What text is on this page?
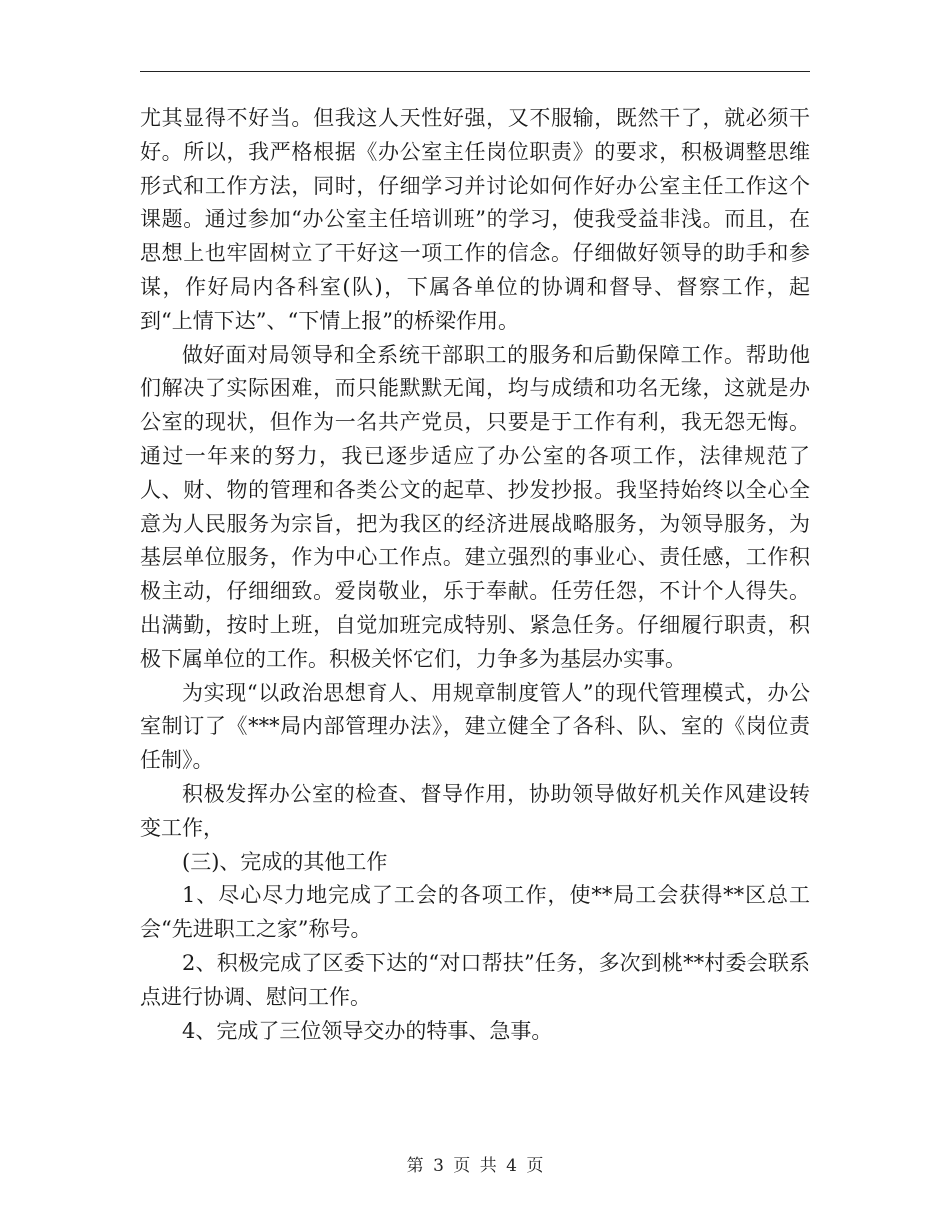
尤其显得不好当。但我这人天性好强，又不服输，既然干了，就必须干好。所以，我严格根据《办公室主任岗位职责》的要求，积极调整思维形式和工作方法，同时，仔细学习并讨论如何作好办公室主任工作这个课题。通过参加“办公室主任培训班”的学习，使我受益非浅。而且，在思想上也牢固树立了干好这一项工作的信念。仔细做好领导的助手和参谋，作好局内各科室(队)，下属各单位的协调和督导、督察工作，起到“上情下达”、“下情上报”的桥梁作用。

做好面对局领导和全系统干部职工的服务和后勤保障工作。帮助他们解决了实际困难，而只能默默无闻，均与成绩和功名无缘，这就是办公室的现状，但作为一名共产党员，只要是于工作有利，我无怨无悔。通过一年来的努力，我已逐步适应了办公室的各项工作，法律规范了人、财、物的管理和各类公文的起草、抄发抄报。我坚持始终以全心全意为人民服务为宗旨，把为我区的经济进展战略服务，为领导服务，为基层单位服务，作为中心工作点。建立强烈的事业心、责任感，工作积极主动，仔细细致。爱岗敬业，乐于奉献。任劳任怨，不计个人得失。出满勤，按时上班，自觉加班完成特别、紧急任务。仔细履行职责，积极下属单位的工作。积极关怀它们，力争多为基层办实事。

为实现“以政治思想育人、用规章制度管人”的现代管理模式，办公室制订了《***局内部管理办法》，建立健全了各科、队、室的《岗位责任制》。

积极发挥办公室的检查、督导作用，协助领导做好机关作风建设转变工作，

(三)、完成的其他工作

1、尽心尽力地完成了工会的各项工作，使**局工会获得**区总工会“先进职工之家”称号。

2、积极完成了区委下达的“对口帮扶”任务，多次到桃**村委会联系点进行协调、慰问工作。

4、完成了三位领导交办的特事、急事。

第 3 页 共 4 页
